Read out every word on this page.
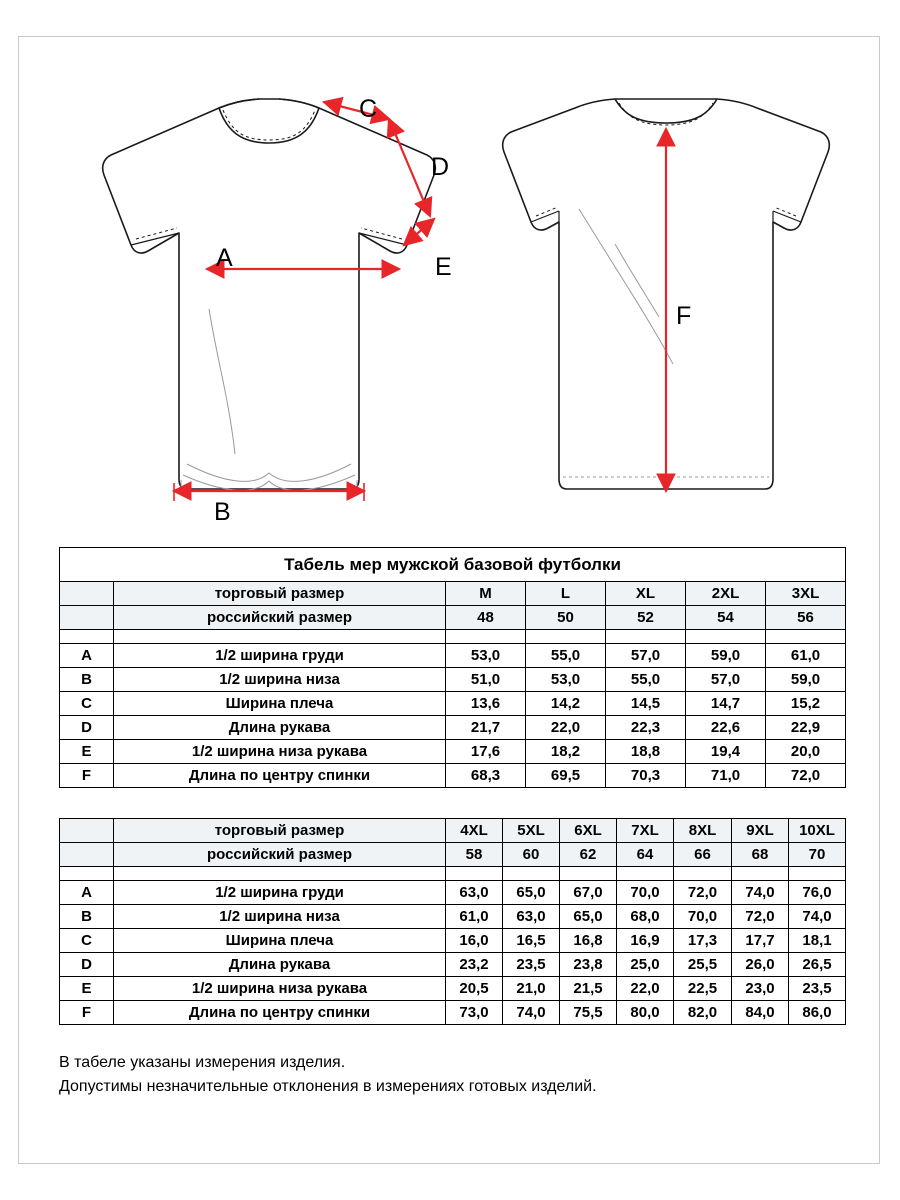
C
D
E
A
B
F
Табель мер мужской базовой футболки						
	торговый размер	M	L	XL	2XL	3XL
	российский размер	48	50	52	54	56

A	1/2 ширина груди	53,0	55,0	57,0	59,0	61,0
B	1/2 ширина низа	51,0	53,0	55,0	57,0	59,0
C	Ширина плеча	13,6	14,2	14,5	14,7	15,2
D	Длина рукава	21,7	22,0	22,3	22,6	22,9
E	1/2 ширина низа рукава	17,6	18,2	18,8	19,4	20,0
F	Длина по центру спинки	68,3	69,5	70,3	71,0	72,0
	торговый размер	4XL	5XL	6XL	7XL	8XL	9XL	10XL
	российский размер	58	60	62	64	66	68	70

A	1/2 ширина груди	63,0	65,0	67,0	70,0	72,0	74,0	76,0
B	1/2 ширина низа	61,0	63,0	65,0	68,0	70,0	72,0	74,0
C	Ширина плеча	16,0	16,5	16,8	16,9	17,3	17,7	18,1
D	Длина рукава	23,2	23,5	23,8	25,0	25,5	26,0	26,5
E	1/2 ширина низа рукава	20,5	21,0	21,5	22,0	22,5	23,0	23,5
F	Длина по центру спинки	73,0	74,0	75,5	80,0	82,0	84,0	86,0
В табеле указаны измерения изделия.
Допустимы незначительные отклонения в измерениях готовых изделий.
